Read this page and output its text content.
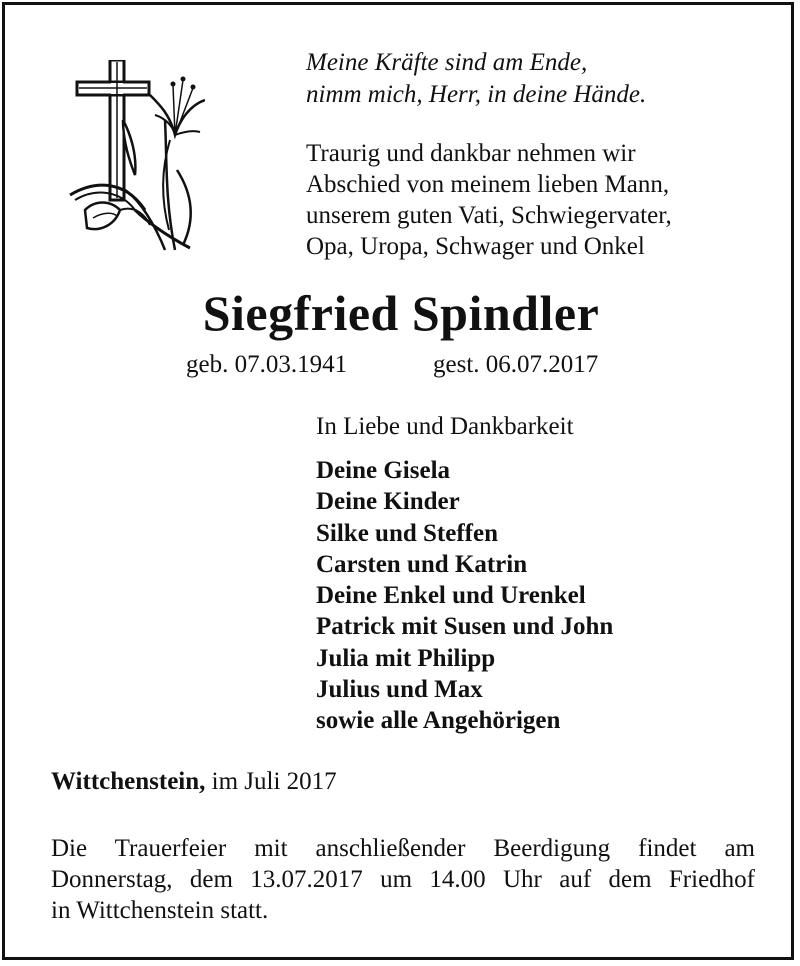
Meine Kräfte sind am Ende,
nimm mich, Herr, in deine Hände.
Traurig und dankbar nehmen wir
Abschied von meinem lieben Mann,
unserem guten Vati, Schwiegervater,
Opa, Uropa, Schwager und Onkel
Siegfried Spindler
geb. 07.03.1941	gest. 06.07.2017
In Liebe und Dankbarkeit
Deine Gisela
Deine Kinder
Silke und Steffen
Carsten und Katrin
Deine Enkel und Urenkel
Patrick mit Susen und John
Julia mit Philipp
Julius und Max
sowie alle Angehörigen
Wittchenstein, im Juli 2017
Die Trauerfeier mit anschließender Beerdigung findet am
Donnerstag, dem 13.07.2017 um 14.00 Uhr auf dem Friedhof
in Wittchenstein statt.
